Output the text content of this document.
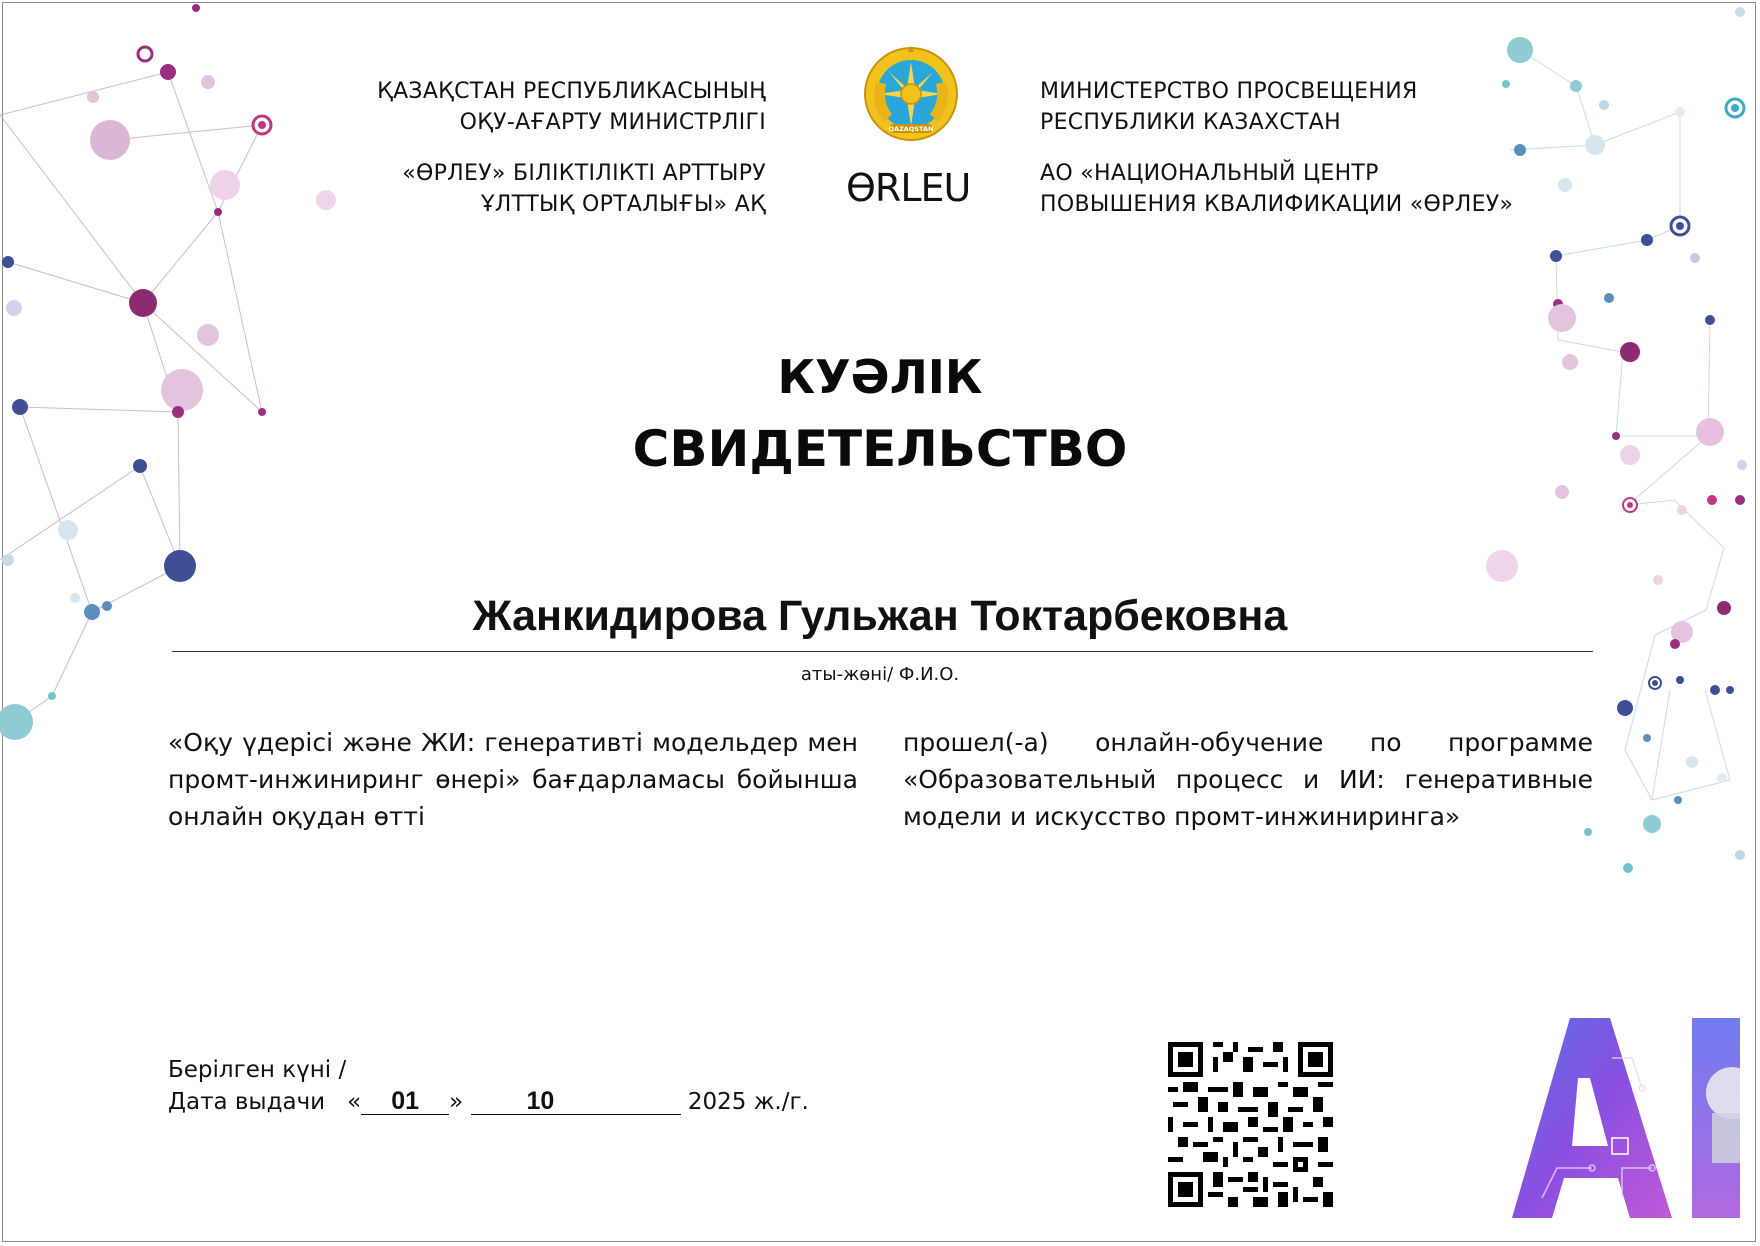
ҚАЗАҚСТАН РЕСПУБЛИКАСЫНЫҢ
ОҚУ-АҒАРТУ МИНИСТРЛІГІ
«ӨРЛЕУ» БІЛІКТІЛІКТІ АРТТЫРУ
ҰЛТТЫҚ ОРТАЛЫҒЫ» АҚ
QAZAQSTAN
ӨRLEU
МИНИСТЕРСТВО ПРОСВЕЩЕНИЯ
РЕСПУБЛИКИ КАЗАХСТАН
АО «НАЦИОНАЛЬНЫЙ ЦЕНТР
ПОВЫШЕНИЯ КВАЛИФИКАЦИИ «ӨРЛЕУ»
КУӘЛІК
СВИДЕТЕЛЬСТВО
Жанкидирова Гульжан Токтарбековна
аты-жөні/ Ф.И.О.
«Оқу үдерісі және ЖИ: генеративті модельдер мен промт-инжиниринг өнері» бағдарламасы бойынша онлайн оқудан өтті
прошел(-а) онлайн-обучение по программе «Образовательный процесс и ИИ: генеративные модели и искусство промт-инжиниринга»
Берілген күні /
Дата выдачи « 01 »	10	2025 ж./г.
